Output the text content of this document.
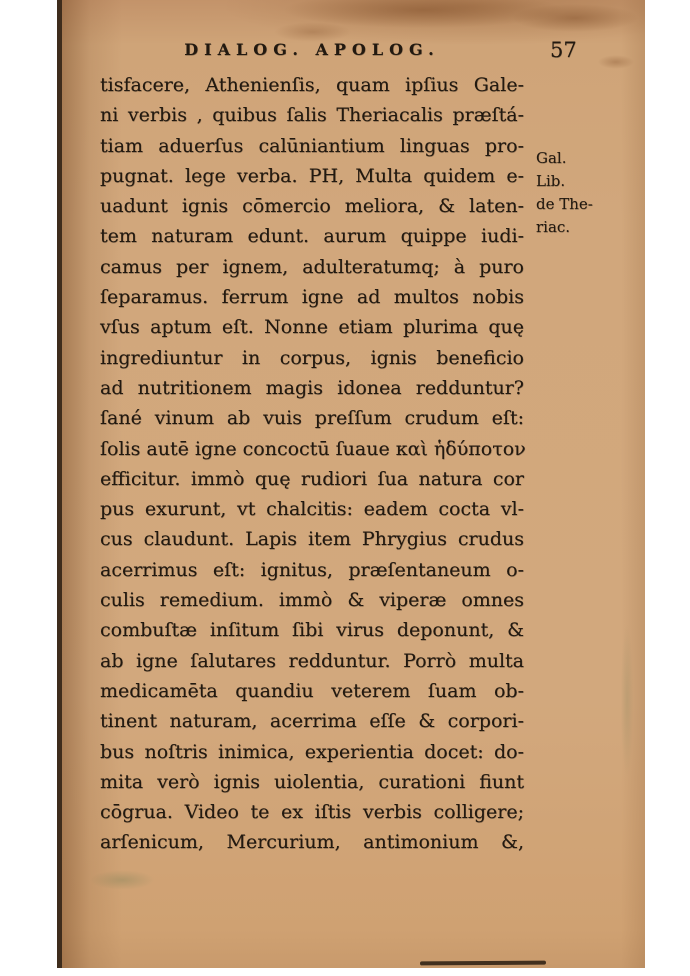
DIALOG. APOLOG.	57
tisfacere, Athenienſis, quam ipſius Gale-
ni verbis , quibus ſalis Theriacalis præſtá-
tiam aduerſus calūniantium linguas pro-
pugnat. lege verba. PH, Multa quidem e-
uadunt ignis cōmercio meliora, & laten-
tem naturam edunt. aurum quippe iudi-
camus per ignem, adulteratumq; à puro
ſeparamus. ferrum igne ad multos nobis
vſus aptum eſt. Nonne etiam plurima quę
ingrediuntur in corpus, ignis beneficio
ad nutritionem magis idonea redduntur?
ſané vinum ab vuis preſſum crudum eſt:
ſolis autē igne concoctū ſuaue καὶ ἡδύποτον
efficitur. immò quę rudiori ſua natura cor
pus exurunt, vt chalcitis: eadem cocta vl-
cus claudunt. Lapis item Phrygius crudus
acerrimus eſt: ignitus, præſentaneum o-
culis remedium. immò & viperæ omnes
combuſtæ inſitum ſibi virus deponunt, &
ab igne ſalutares redduntur. Porrò multa
medicamēta quandiu veterem ſuam ob-
tinent naturam, acerrima eſſe & corpori-
bus noſtris inimica, experientia docet: do-
mita verò ignis uiolentia, curationi fiunt
cōgrua. Video te ex iſtis verbis colligere;
arſenicum, Mercurium, antimonium &,
Gal.
Lib.
de The-
riac.
